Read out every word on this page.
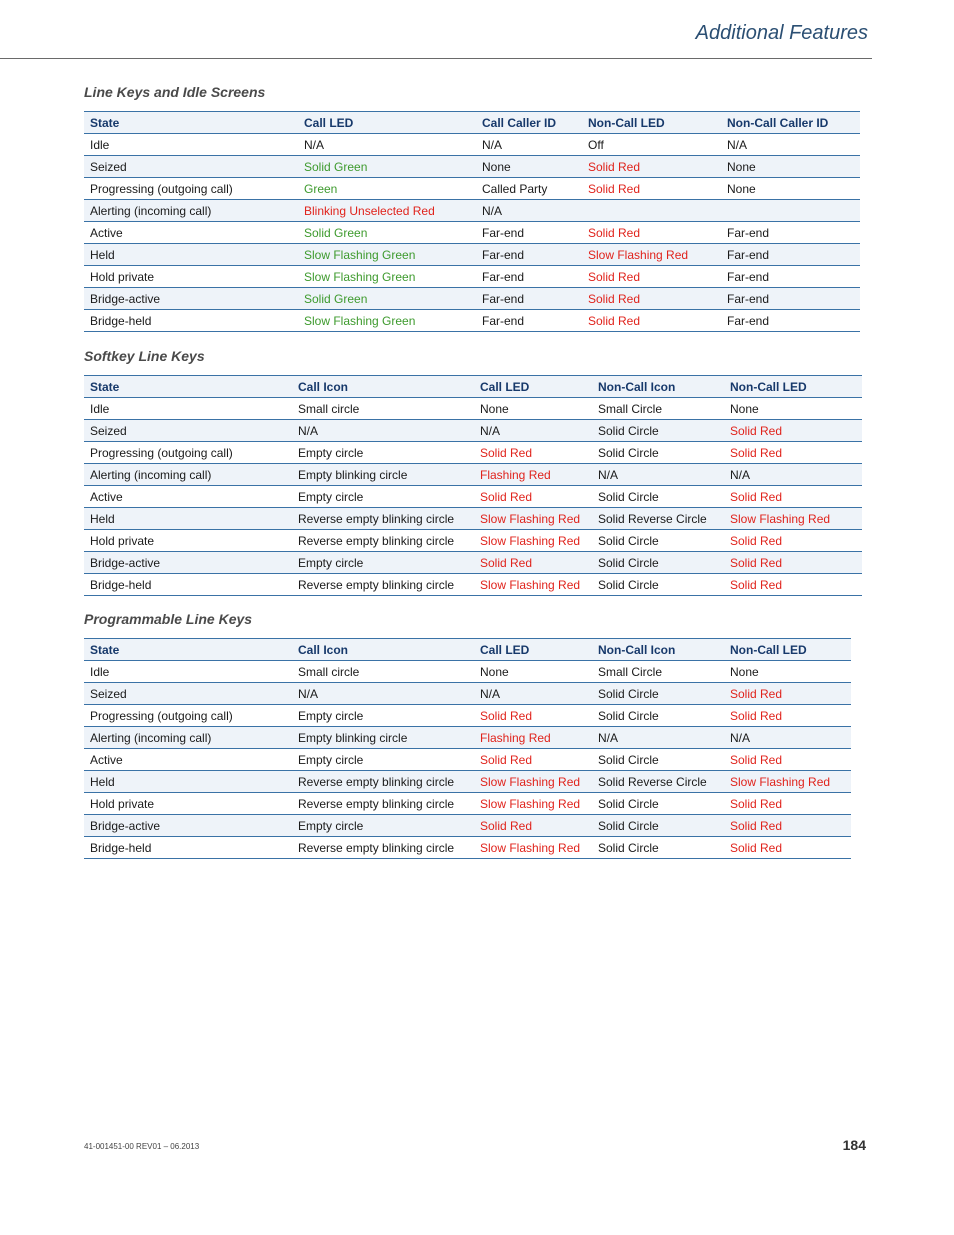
Additional Features
Line Keys and Idle Screens
State	Call LED	Call Caller ID	Non-Call LED	Non-Call Caller ID
Idle	N/A	N/A	Off	N/A
Seized	Solid Green	None	Solid Red	None
Progressing (outgoing call)	Green	Called Party	Solid Red	None
Alerting (incoming call)	Blinking Unselected Red	N/A		
Active	Solid Green	Far-end	Solid Red	Far-end
Held	Slow Flashing Green	Far-end	Slow Flashing Red	Far-end
Hold private	Slow Flashing Green	Far-end	Solid Red	Far-end
Bridge-active	Solid Green	Far-end	Solid Red	Far-end
Bridge-held	Slow Flashing Green	Far-end	Solid Red	Far-end
Softkey Line Keys
State	Call Icon	Call LED	Non-Call Icon	Non-Call LED
Idle	Small circle	None	Small Circle	None
Seized	N/A	N/A	Solid Circle	Solid Red
Progressing (outgoing call)	Empty circle	Solid Red	Solid Circle	Solid Red
Alerting (incoming call)	Empty blinking circle	Flashing Red	N/A	N/A
Active	Empty circle	Solid Red	Solid Circle	Solid Red
Held	Reverse empty blinking circle	Slow Flashing Red	Solid Reverse Circle	Slow Flashing Red
Hold private	Reverse empty blinking circle	Slow Flashing Red	Solid Circle	Solid Red
Bridge-active	Empty circle	Solid Red	Solid Circle	Solid Red
Bridge-held	Reverse empty blinking circle	Slow Flashing Red	Solid Circle	Solid Red
Programmable Line Keys
State	Call Icon	Call LED	Non-Call Icon	Non-Call LED
Idle	Small circle	None	Small Circle	None
Seized	N/A	N/A	Solid Circle	Solid Red
Progressing (outgoing call)	Empty circle	Solid Red	Solid Circle	Solid Red
Alerting (incoming call)	Empty blinking circle	Flashing Red	N/A	N/A
Active	Empty circle	Solid Red	Solid Circle	Solid Red
Held	Reverse empty blinking circle	Slow Flashing Red	Solid Reverse Circle	Slow Flashing Red
Hold private	Reverse empty blinking circle	Slow Flashing Red	Solid Circle	Solid Red
Bridge-active	Empty circle	Solid Red	Solid Circle	Solid Red
Bridge-held	Reverse empty blinking circle	Slow Flashing Red	Solid Circle	Solid Red
41-001451-00 REV01 – 06.2013	184
